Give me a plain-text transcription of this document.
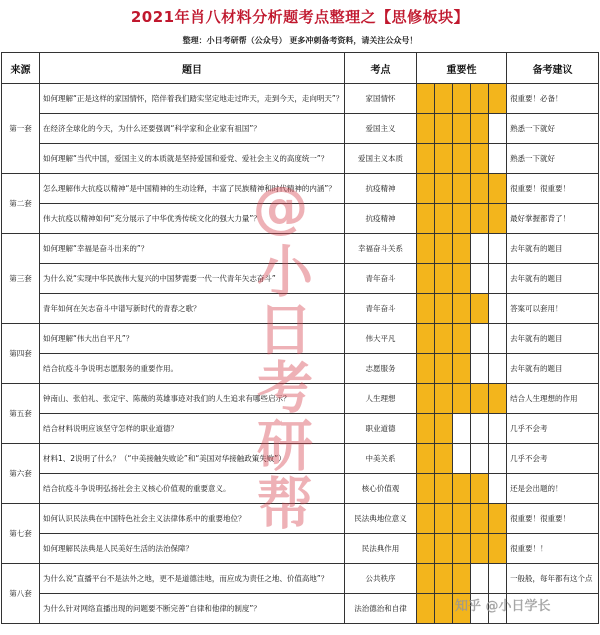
2021年肖八材料分析题考点整理之【思修板块】
整理：小日考研帮（公众号） 更多冲刺备考资料，请关注公众号！
来源	题目	考点	重要性					备考建议
第一套	如何理解“正是这样的家国情怀，陪伴着我们踏实坚定地走过昨天，走到今天，走向明天”？	家国情怀						很重要！必备！
	在经济全球化的今天，为什么还要强调“科学家和企业家有祖国”？	爱国主义						熟悉一下就好
	如何理解“当代中国，爱国主义的本质就是坚持爱国和爱党、爱社会主义的高度统一”？	爱国主义本质						熟悉一下就好
第二套	怎么理解伟大抗疫以精神“是中国精神的生动诠释，丰富了民族精神和时代精神的内涵”？	抗疫精神						很重要！很重要！
	伟大抗疫以精神如何“充分展示了中华优秀传统文化的强大力量”？	抗疫精神						最好掌握都背了！
第三套	如何理解“幸福是奋斗出来的”？	幸福奋斗关系						去年就有的题目
	为什么说“实现中华民族伟大复兴的中国梦需要一代一代青年矢志奋斗”	青年奋斗						去年就有的题目
	青年如何在矢志奋斗中谱写新时代的青春之歌？	青年奋斗						答案可以套用！
第四套	如何理解“伟大出自平凡”？	伟大平凡						去年就有的题目
	结合抗疫斗争说明志愿服务的重要作用。	志愿服务						去年就有的题目
第五套	钟南山、张伯礼、张定宇、陈薇的英雄事迹对我们的人生追求有哪些启示？	人生理想						结合人生理想的作用
	结合材料说明应该坚守怎样的职业道德？	职业道德						几乎不会考
第六套	材料1、2说明了什么？（“中美接触失败论”和“美国对华接触政策失败”）	中美关系						几乎不会考
	结合抗疫斗争说明弘扬社会主义核心价值观的重要意义。	核心价值观						还是会出题的！
第七套	如何认识民法典在中国特色社会主义法律体系中的重要地位？	民法典地位意义						很重要！很重要！
	如何理解民法典是人民美好生活的法治保障？	民法典作用						很重要！！
第八套	为什么说“直播平台不是法外之地，更不是道德洼地，而应成为责任之地、价值高地”？	公共秩序						一般般，每年都有这个点
	为什么针对网络直播出现的问题要不断完善“自律和他律的制度”？	法治德治和自律						
@小日考研帮
知乎 @小日学长
